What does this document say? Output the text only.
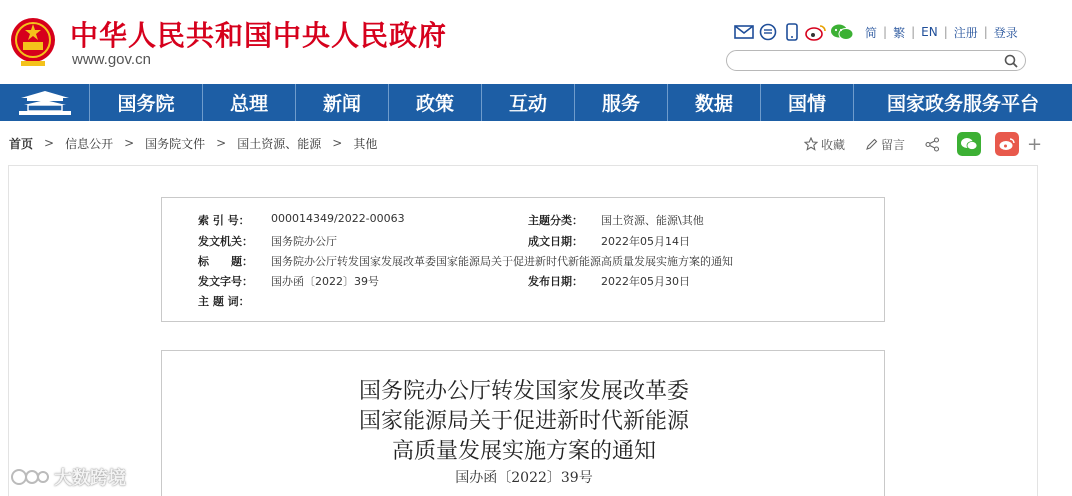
中华人民共和国中央人民政府
www.gov.cn
简 | 繁 | EN | 注册 | 登录
国务院	总理	新闻	政策	互动	服务	数据	国情	国家政务服务平台
首页 > 信息公开 > 国务院文件 > 国土资源、能源 > 其他	收藏	留言	+
索 引 号：	000014349/2022-00063	主题分类：	国土资源、能源\其他
发文机关：	国务院办公厅	成文日期：	2022年05月14日
标　　题：	国务院办公厅转发国家发展改革委国家能源局关于促进新时代新能源高质量发展实施方案的通知
发文字号：	国办函〔2022〕39号	发布日期：	2022年05月30日
主 题 词：
国务院办公厅转发国家发展改革委
国家能源局关于促进新时代新能源
高质量发展实施方案的通知
国办函〔2022〕39号
大数跨境
